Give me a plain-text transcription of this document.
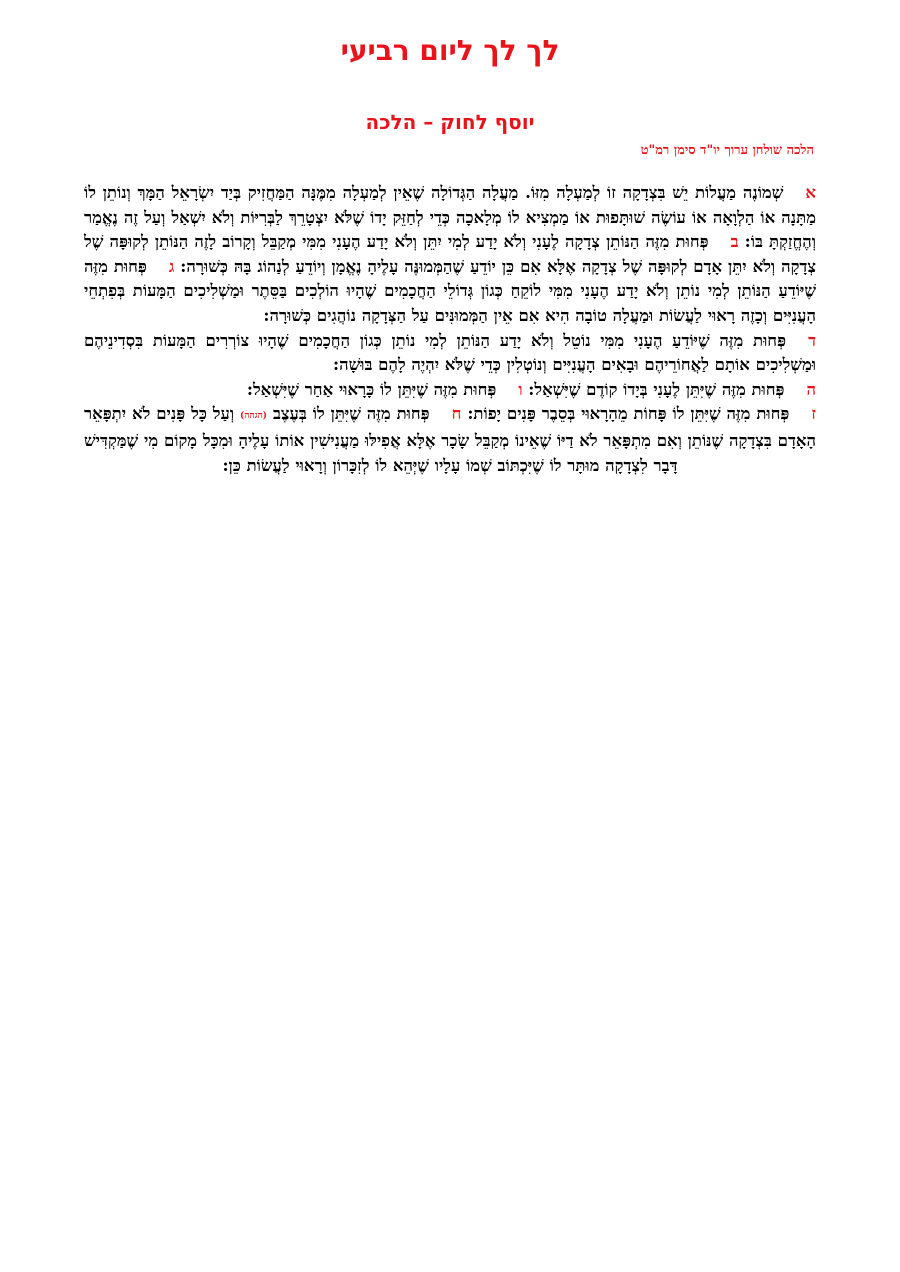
לך לך ליום רביעי
יוסף לחוק – הלכה
הלכה שולחן ערוך יו"ד סימן רמ"ט

אשְׁמוֹנֶה מַעֲלוֹת יֵשׁ בִּצְדָקָה זוֹ לְמַעְלָה מִזּוֹ. מַעֲלָה הַגְּדוֹלָה שֶׁאֵין לְמַעְלָה מִמֶּנָּה הַמַּחֲזִיק בְּיַד יִשְׂרָאֵל הַמָּךְ וְנוֹתֵן לוֹ מַתָּנָה אוֹ הַלְוָאָה אוֹ עוֹשֶׂה שׁוּתָּפוּת אוֹ מַמְצִיא לוֹ מְלָאכָה כְּדֵי לְחַזֵּק יָדוֹ שֶׁלֹּא יִצְטָרֵךְ לַבְּרִיּוֹת וְלֹא יִשְׁאַל וְעַל זֶה נֶאֱמַר וְהֶחֱזַקְתָּ בּוֹ: בפְּחוּת מִזֶּה הַנּוֹתֵן צְדָקָה לֶעָנִי וְלֹא יָדַע לְמִי יִתֵּן וְלֹא יָדַע הֶעָנִי מִמִּי מְקַבֵּל וְקָרוֹב לָזֶה הַנּוֹתֵן לְקוּפָּה שֶׁל צְדָקָה וְלֹא יִתֵּן אָדָם לְקוּפָּה שֶׁל צְדָקָה אֶלָּא אִם כֵּן יוֹדֵעַ שֶׁהַמְּמוּנֶּה עָלֶיהָ נֶאֱמָן וְיוֹדֵעַ לְנַהוֹג בָּהּ כְּשׁוּרָה: גפְּחוּת מִזֶּה שֶׁיּוֹדֵעַ הַנּוֹתֵן לְמִי נוֹתֵן וְלֹא יָדַע הֶעָנִי מִמִּי לוֹקֵחַ כְּגוֹן גְּדוֹלֵי הַחֲכָמִים שֶׁהָיוּ הוֹלְכִים בַּסֵּתֶר וּמַשְׁלִיכִים הַמָּעוֹת בְּפִתְחֵי הָעֲנִיִּים וְכָזֶה רָאוּי לַעֲשׂוֹת וּמַעֲלָה טוֹבָה הִיא אִם אֵין הַמְּמוּנִּים עַל הַצְּדָקָה נוֹהֲגִים כְּשׁוּרָה:

דפְּחוּת מִזֶּה שֶׁיּוֹדֵעַ הֶעָנִי מִמִּי נוֹטֵל וְלֹא יָדַע הַנּוֹתֵן לְמִי נוֹתֵן כְּגוֹן הַחֲכָמִים שֶׁהָיוּ צוֹרְרִים הַמָּעוֹת בִּסְדִינֵיהֶם וּמַשְׁלִיכִים אוֹתָם לַאֲחוֹרֵיהֶם וּבָאִים הָעֲנִיִּים וְנוֹטְלִין כְּדֵי שֶׁלֹּא יִהְיֶה לָהֶם בּוּשָׁה:

הפְּחוּת מִזֶּה שֶׁיִּתֵּן לֶעָנִי בְּיָדוֹ קוֹדֶם שֶׁיִּשְׁאַל: ופְּחוּת מִזֶּה שֶׁיִּתֵּן לוֹ כָּרָאוּי אַחַר שֶׁיִּשְׁאַל:

זפְּחוּת מִזֶּה שֶׁיִּתֵּן לוֹ פָּחוֹת מֵהָרָאוּי בְּסֵבֶר פָּנִים יָפוֹת: חפְּחוּת מִזֶּה שֶׁיִּתֵּן לוֹ בְּעֶצֶב (הגהה) וְעַל כָּל פָּנִים לֹא יִתְפָּאֵר הָאָדָם בִּצְדָקָה שֶׁנּוֹתֵן וְאִם מִתְפָּאֵר לֹא דַיּוֹ שֶׁאֵינוֹ מְקַבֵּל שָׂכָר אֶלָּא אֲפִילּוּ מַעֲנִישִׁין אוֹתוֹ עָלֶיהָ וּמִכָּל מָקוֹם מִי שֶׁמַּקְדִּישׁ דָּבָר לִצְדָקָה מוּתָּר לוֹ שֶׁיִּכְתּוֹב שְׁמוֹ עָלָיו שֶׁיְּהֵא לוֹ לְזִכָּרוֹן וְרָאוּי לַעֲשׂוֹת כֵּן:
